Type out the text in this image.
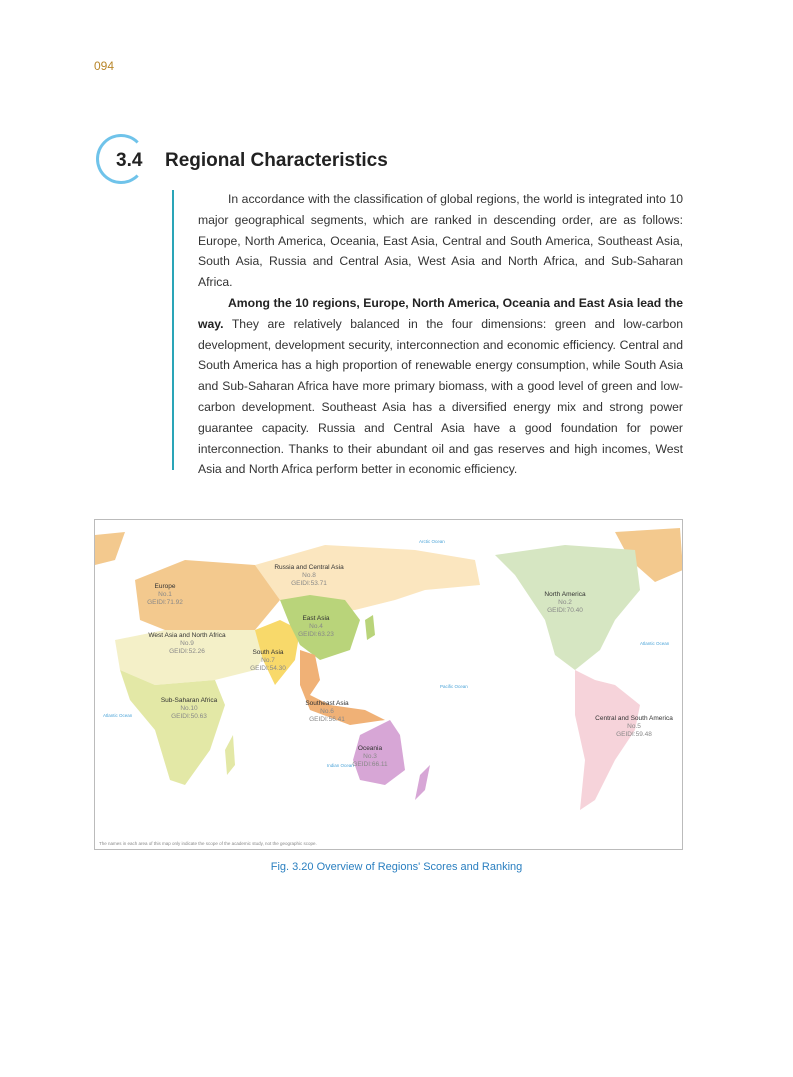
094
3.4 Regional Characteristics

In accordance with the classification of global regions, the world is integrated into 10 major geographical segments, which are ranked in descending order, are as follows: Europe, North America, Oceania, East Asia, Central and South America, Southeast Asia, South Asia, Russia and Central Asia, West Asia and North Africa, and Sub-Saharan Africa.

Among the 10 regions, Europe, North America, Oceania and East Asia lead the way. They are relatively balanced in the four dimensions: green and low-carbon development, development security, interconnection and economic efficiency. Central and South America has a high proportion of renewable energy consumption, while South Asia and Sub-Saharan Africa have more primary biomass, with a good level of green and low-carbon development. Southeast Asia has a diversified energy mix and strong power guarantee capacity. Russia and Central Asia have a good foundation for power interconnection. Thanks to their abundant oil and gas reserves and high incomes, West Asia and North Africa perform better in economic efficiency.

Russia and Central Asia
No.8
GEIDI:53.71
Europe
No.1
GEIDI:71.92
West Asia and North Africa
No.9
GEIDI:52.26
East Asia
No.4
GEIDI:63.23
South Asia
No.7
GEIDI:54.30
Sub-Saharan Africa
No.10
GEIDI:50.63
Southeast Asia
No.6
GEIDI:56.41
Oceania
No.3
GEIDI:66.11
North America
No.2
GEIDI:70.40
Central and South America
No.5
GEIDI:59.48
Arctic Ocean
Atlantic Ocean
Atlantic Ocean
Pacific Ocean
Indian Ocean
The names in each area of this map only indicate the scope of the academic study, not the geographic scope.
Fig. 3.20 Overview of Regions' Scores and Ranking
